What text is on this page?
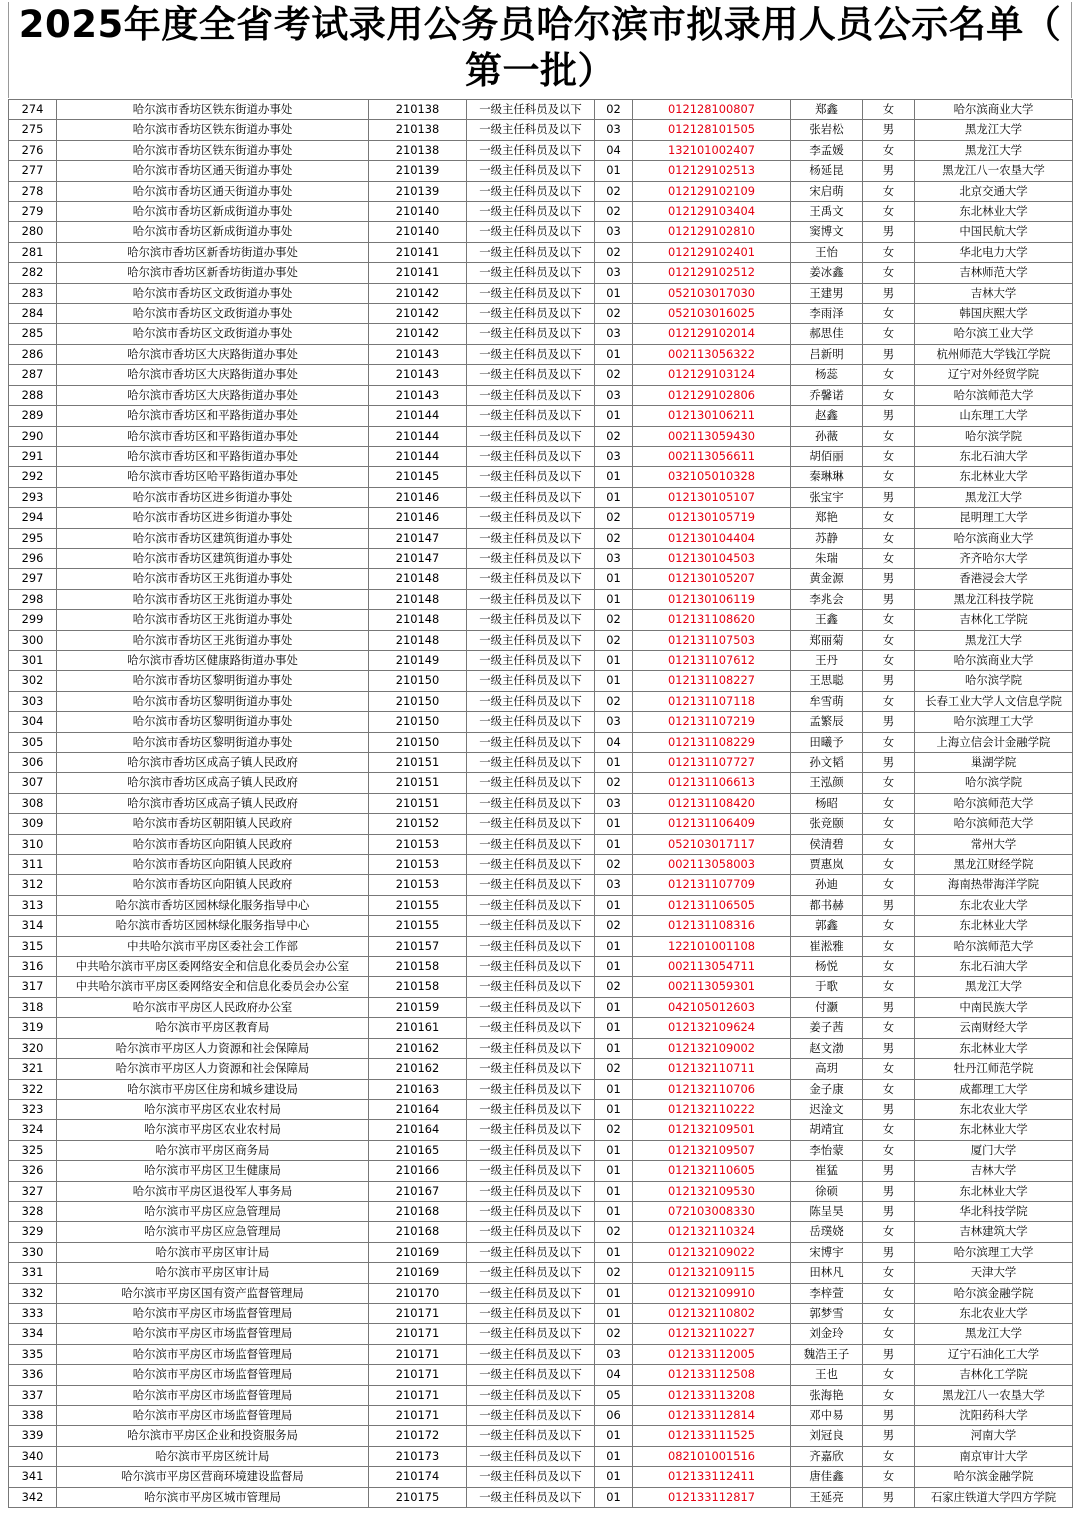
2025年度全省考试录用公务员哈尔滨市拟录用人员公示名单（
第一批）
274	哈尔滨市香坊区铁东街道办事处	210138	一级主任科员及以下	02	012128100807	郑鑫	女	哈尔滨商业大学
275	哈尔滨市香坊区铁东街道办事处	210138	一级主任科员及以下	03	012128101505	张岩松	男	黑龙江大学
276	哈尔滨市香坊区铁东街道办事处	210138	一级主任科员及以下	04	132101002407	李孟媛	女	黑龙江大学
277	哈尔滨市香坊区通天街道办事处	210139	一级主任科员及以下	01	012129102513	杨延昆	男	黑龙江八一农垦大学
278	哈尔滨市香坊区通天街道办事处	210139	一级主任科员及以下	02	012129102109	宋启萌	女	北京交通大学
279	哈尔滨市香坊区新成街道办事处	210140	一级主任科员及以下	02	012129103404	王禹文	女	东北林业大学
280	哈尔滨市香坊区新成街道办事处	210140	一级主任科员及以下	03	012129102810	窦博文	男	中国民航大学
281	哈尔滨市香坊区新香坊街道办事处	210141	一级主任科员及以下	02	012129102401	王怡	女	华北电力大学
282	哈尔滨市香坊区新香坊街道办事处	210141	一级主任科员及以下	03	012129102512	姜冰鑫	女	吉林师范大学
283	哈尔滨市香坊区文政街道办事处	210142	一级主任科员及以下	01	052103017030	王建男	男	吉林大学
284	哈尔滨市香坊区文政街道办事处	210142	一级主任科员及以下	02	052103016025	李雨泽	女	韩国庆熙大学
285	哈尔滨市香坊区文政街道办事处	210142	一级主任科员及以下	03	012129102014	郝思佳	女	哈尔滨工业大学
286	哈尔滨市香坊区大庆路街道办事处	210143	一级主任科员及以下	01	002113056322	吕新明	男	杭州师范大学钱江学院
287	哈尔滨市香坊区大庆路街道办事处	210143	一级主任科员及以下	02	012129103124	杨蕊	女	辽宁对外经贸学院
288	哈尔滨市香坊区大庆路街道办事处	210143	一级主任科员及以下	03	012129102806	乔馨诺	女	哈尔滨师范大学
289	哈尔滨市香坊区和平路街道办事处	210144	一级主任科员及以下	01	012130106211	赵鑫	男	山东理工大学
290	哈尔滨市香坊区和平路街道办事处	210144	一级主任科员及以下	02	002113059430	孙薇	女	哈尔滨学院
291	哈尔滨市香坊区和平路街道办事处	210144	一级主任科员及以下	03	002113056611	胡佰丽	女	东北石油大学
292	哈尔滨市香坊区哈平路街道办事处	210145	一级主任科员及以下	01	032105010328	秦琳琳	女	东北林业大学
293	哈尔滨市香坊区进乡街道办事处	210146	一级主任科员及以下	01	012130105107	张宝宇	男	黑龙江大学
294	哈尔滨市香坊区进乡街道办事处	210146	一级主任科员及以下	02	012130105719	郑艳	女	昆明理工大学
295	哈尔滨市香坊区建筑街道办事处	210147	一级主任科员及以下	02	012130104404	苏静	女	哈尔滨商业大学
296	哈尔滨市香坊区建筑街道办事处	210147	一级主任科员及以下	03	012130104503	朱瑞	女	齐齐哈尔大学
297	哈尔滨市香坊区王兆街道办事处	210148	一级主任科员及以下	01	012130105207	黄金源	男	香港浸会大学
298	哈尔滨市香坊区王兆街道办事处	210148	一级主任科员及以下	01	012130106119	李兆会	男	黑龙江科技学院
299	哈尔滨市香坊区王兆街道办事处	210148	一级主任科员及以下	02	012131108620	王鑫	女	吉林化工学院
300	哈尔滨市香坊区王兆街道办事处	210148	一级主任科员及以下	02	012131107503	郑丽菊	女	黑龙江大学
301	哈尔滨市香坊区健康路街道办事处	210149	一级主任科员及以下	01	012131107612	王丹	女	哈尔滨商业大学
302	哈尔滨市香坊区黎明街道办事处	210150	一级主任科员及以下	01	012131108227	王思聪	男	哈尔滨学院
303	哈尔滨市香坊区黎明街道办事处	210150	一级主任科员及以下	02	012131107118	牟雪萌	女	长春工业大学人文信息学院
304	哈尔滨市香坊区黎明街道办事处	210150	一级主任科员及以下	03	012131107219	孟繁辰	男	哈尔滨理工大学
305	哈尔滨市香坊区黎明街道办事处	210150	一级主任科员及以下	04	012131108229	田曦予	女	上海立信会计金融学院
306	哈尔滨市香坊区成高子镇人民政府	210151	一级主任科员及以下	01	012131107727	孙文韬	男	巢湖学院
307	哈尔滨市香坊区成高子镇人民政府	210151	一级主任科员及以下	02	012131106613	王泓颜	女	哈尔滨学院
308	哈尔滨市香坊区成高子镇人民政府	210151	一级主任科员及以下	03	012131108420	杨昭	女	哈尔滨师范大学
309	哈尔滨市香坊区朝阳镇人民政府	210152	一级主任科员及以下	01	012131106409	张竞颐	女	哈尔滨师范大学
310	哈尔滨市香坊区向阳镇人民政府	210153	一级主任科员及以下	01	052103017117	侯清碧	女	常州大学
311	哈尔滨市香坊区向阳镇人民政府	210153	一级主任科员及以下	02	002113058003	贾惠岚	女	黑龙江财经学院
312	哈尔滨市香坊区向阳镇人民政府	210153	一级主任科员及以下	03	012131107709	孙迪	女	海南热带海洋学院
313	哈尔滨市香坊区园林绿化服务指导中心	210155	一级主任科员及以下	01	012131106505	都书赫	男	东北农业大学
314	哈尔滨市香坊区园林绿化服务指导中心	210155	一级主任科员及以下	02	012131108316	郭鑫	女	东北林业大学
315	中共哈尔滨市平房区委社会工作部	210157	一级主任科员及以下	01	122101001108	崔淞雅	女	哈尔滨师范大学
316	中共哈尔滨市平房区委网络安全和信息化委员会办公室	210158	一级主任科员及以下	01	002113054711	杨悦	女	东北石油大学
317	中共哈尔滨市平房区委网络安全和信息化委员会办公室	210158	一级主任科员及以下	02	002113059301	于歌	女	黑龙江大学
318	哈尔滨市平房区人民政府办公室	210159	一级主任科员及以下	01	042105012603	付灏	男	中南民族大学
319	哈尔滨市平房区教育局	210161	一级主任科员及以下	01	012132109624	姜子茜	女	云南财经大学
320	哈尔滨市平房区人力资源和社会保障局	210162	一级主任科员及以下	01	012132109002	赵文渤	男	东北林业大学
321	哈尔滨市平房区人力资源和社会保障局	210162	一级主任科员及以下	02	012132110711	高玥	女	牡丹江师范学院
322	哈尔滨市平房区住房和城乡建设局	210163	一级主任科员及以下	01	012132110706	金子康	女	成都理工大学
323	哈尔滨市平房区农业农村局	210164	一级主任科员及以下	01	012132110222	迟淦文	男	东北农业大学
324	哈尔滨市平房区农业农村局	210164	一级主任科员及以下	02	012132109501	胡靖宜	女	东北林业大学
325	哈尔滨市平房区商务局	210165	一级主任科员及以下	01	012132109507	李怡蒙	女	厦门大学
326	哈尔滨市平房区卫生健康局	210166	一级主任科员及以下	01	012132110605	崔猛	男	吉林大学
327	哈尔滨市平房区退役军人事务局	210167	一级主任科员及以下	01	012132109530	徐硕	男	东北林业大学
328	哈尔滨市平房区应急管理局	210168	一级主任科员及以下	01	072103008330	陈呈昊	男	华北科技学院
329	哈尔滨市平房区应急管理局	210168	一级主任科员及以下	02	012132110324	岳璞娆	女	吉林建筑大学
330	哈尔滨市平房区审计局	210169	一级主任科员及以下	01	012132109022	宋博宇	男	哈尔滨理工大学
331	哈尔滨市平房区审计局	210169	一级主任科员及以下	02	012132109115	田林凡	女	天津大学
332	哈尔滨市平房区国有资产监督管理局	210170	一级主任科员及以下	01	012132109910	李梓萱	女	哈尔滨金融学院
333	哈尔滨市平房区市场监督管理局	210171	一级主任科员及以下	01	012132110802	郭梦雪	女	东北农业大学
334	哈尔滨市平房区市场监督管理局	210171	一级主任科员及以下	02	012132110227	刘金玲	女	黑龙江大学
335	哈尔滨市平房区市场监督管理局	210171	一级主任科员及以下	03	012133112005	魏浩王子	男	辽宁石油化工大学
336	哈尔滨市平房区市场监督管理局	210171	一级主任科员及以下	04	012133112508	王也	女	吉林化工学院
337	哈尔滨市平房区市场监督管理局	210171	一级主任科员及以下	05	012133113208	张海艳	女	黑龙江八一农垦大学
338	哈尔滨市平房区市场监督管理局	210171	一级主任科员及以下	06	012133112814	邓中易	男	沈阳药科大学
339	哈尔滨市平房区企业和投资服务局	210172	一级主任科员及以下	01	012133111525	刘冠良	男	河南大学
340	哈尔滨市平房区统计局	210173	一级主任科员及以下	01	082101001516	齐嘉欣	女	南京审计大学
341	哈尔滨市平房区营商环境建设监督局	210174	一级主任科员及以下	01	012133112411	唐佳鑫	女	哈尔滨金融学院
342	哈尔滨市平房区城市管理局	210175	一级主任科员及以下	01	012133112817	王延亮	男	石家庄铁道大学四方学院
